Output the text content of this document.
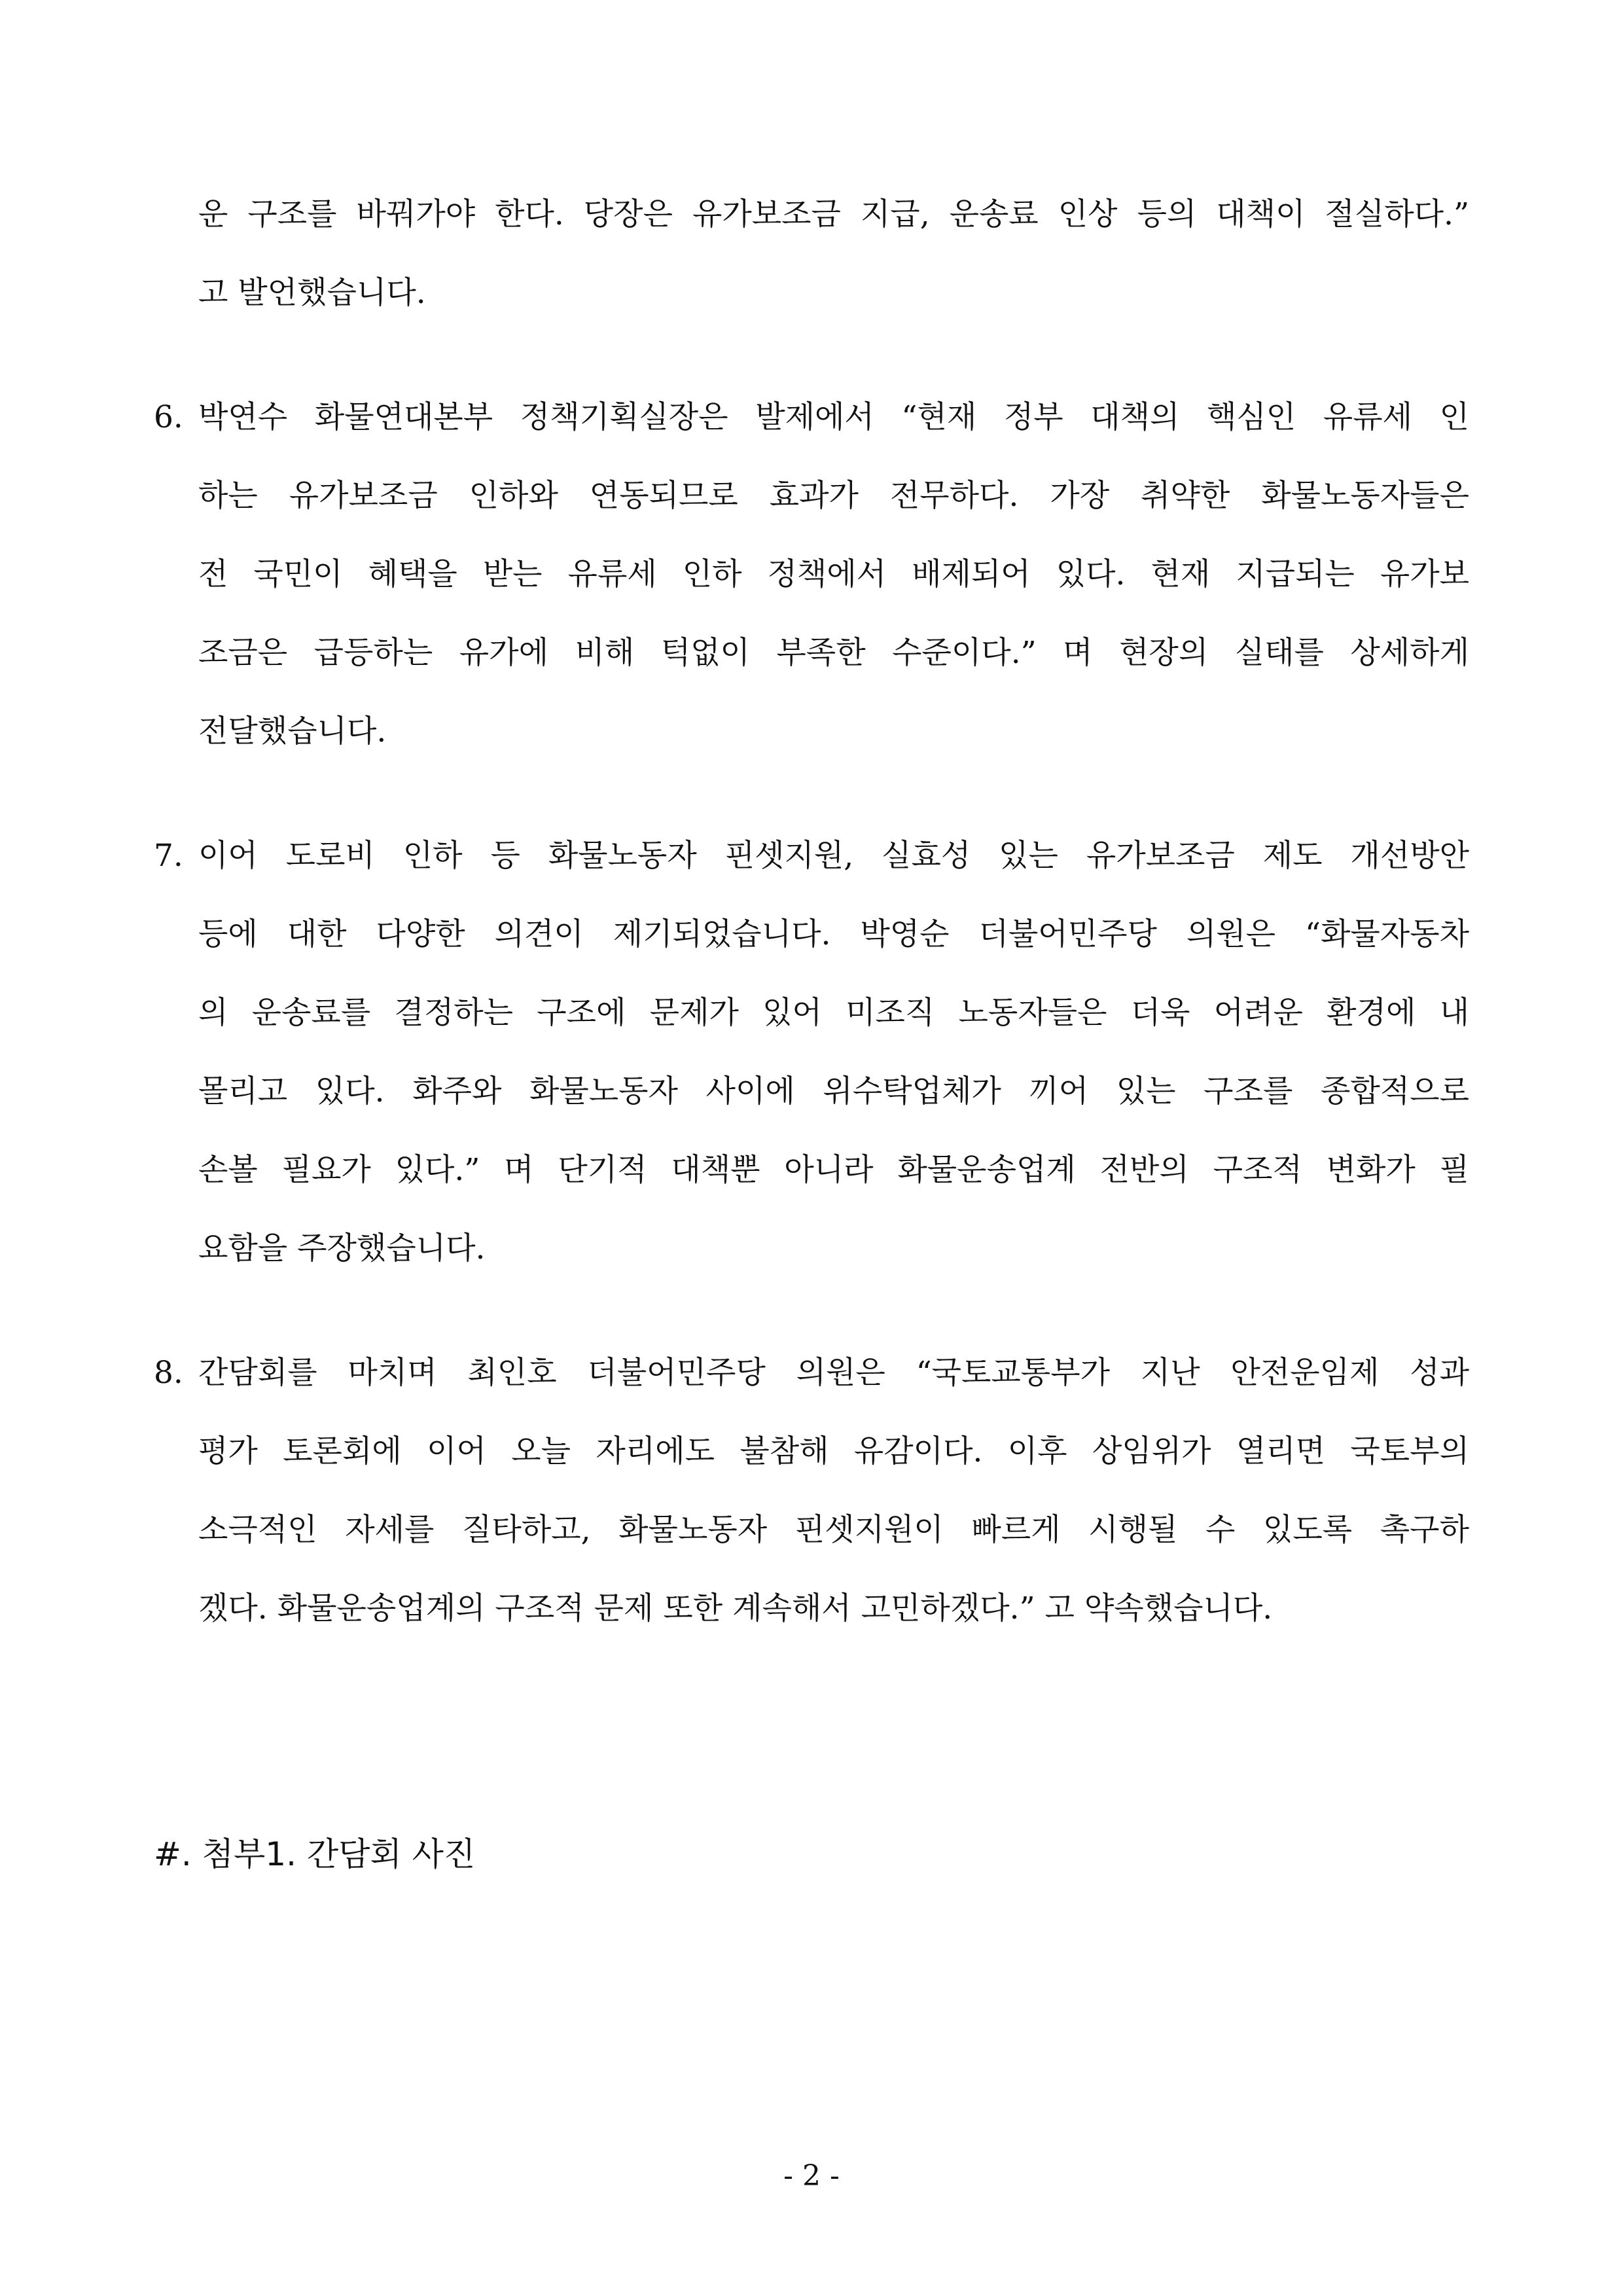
운 구조를 바꿔가야 한다. 당장은 유가보조금 지급, 운송료 인상 등의 대책이 절실하다.”
고 발언했습니다.
6. 박연수 화물연대본부 정책기획실장은 발제에서 “현재 정부 대책의 핵심인 유류세 인
하는 유가보조금 인하와 연동되므로 효과가 전무하다. 가장 취약한 화물노동자들은
전 국민이 혜택을 받는 유류세 인하 정책에서 배제되어 있다. 현재 지급되는 유가보
조금은 급등하는 유가에 비해 턱없이 부족한 수준이다.” 며 현장의 실태를 상세하게
전달했습니다.
7. 이어 도로비 인하 등 화물노동자 핀셋지원, 실효성 있는 유가보조금 제도 개선방안
등에 대한 다양한 의견이 제기되었습니다. 박영순 더불어민주당 의원은 “화물자동차
의 운송료를 결정하는 구조에 문제가 있어 미조직 노동자들은 더욱 어려운 환경에 내
몰리고 있다. 화주와 화물노동자 사이에 위수탁업체가 끼어 있는 구조를 종합적으로
손볼 필요가 있다.” 며 단기적 대책뿐 아니라 화물운송업계 전반의 구조적 변화가 필
요함을 주장했습니다.
8. 간담회를 마치며 최인호 더불어민주당 의원은 “국토교통부가 지난 안전운임제 성과
평가 토론회에 이어 오늘 자리에도 불참해 유감이다. 이후 상임위가 열리면 국토부의
소극적인 자세를 질타하고, 화물노동자 핀셋지원이 빠르게 시행될 수 있도록 촉구하
겠다. 화물운송업계의 구조적 문제 또한 계속해서 고민하겠다.” 고 약속했습니다.
#. 첨부1. 간담회 사진
- 2 -
